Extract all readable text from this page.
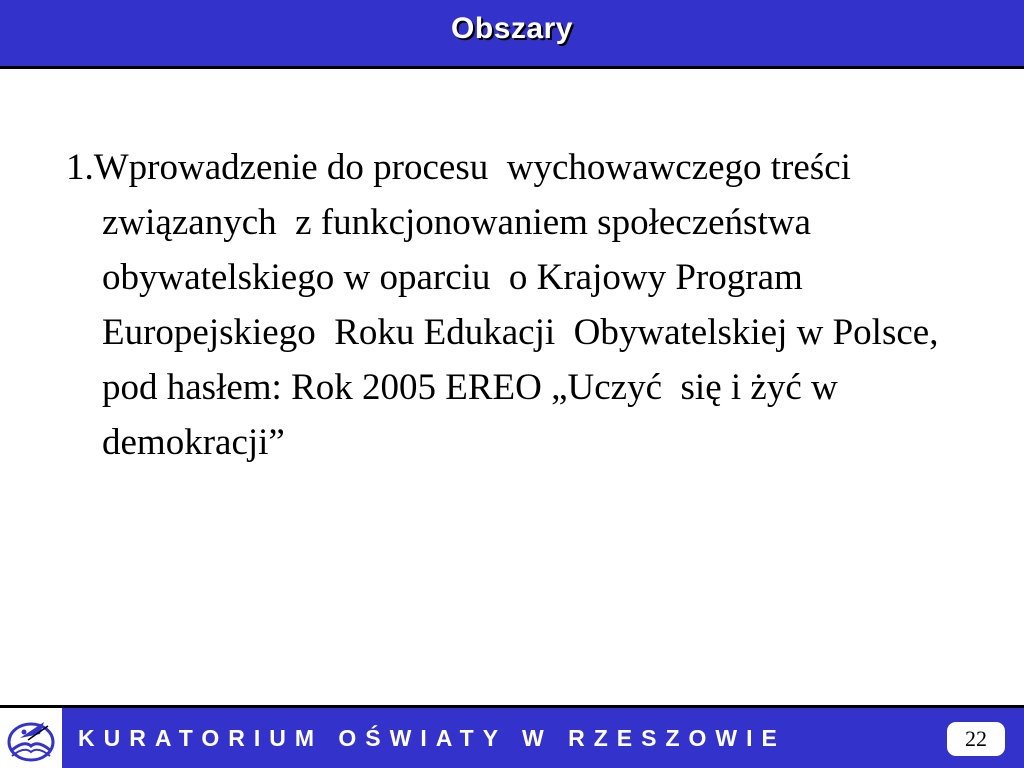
Obszary

1.Wprowadzenie do procesu  wychowawczego treści  związanych  z funkcjonowaniem społeczeństwa  obywatelskiego w oparciu  o Krajowy Program Europejskiego  Roku Edukacji  Obywatelskiej w Polsce, pod hasłem: Rok 2005 EREO „Uczyć  się i żyć w demokracji”

KURATORIUM OŚWIATY W RZESZOWIE	22
